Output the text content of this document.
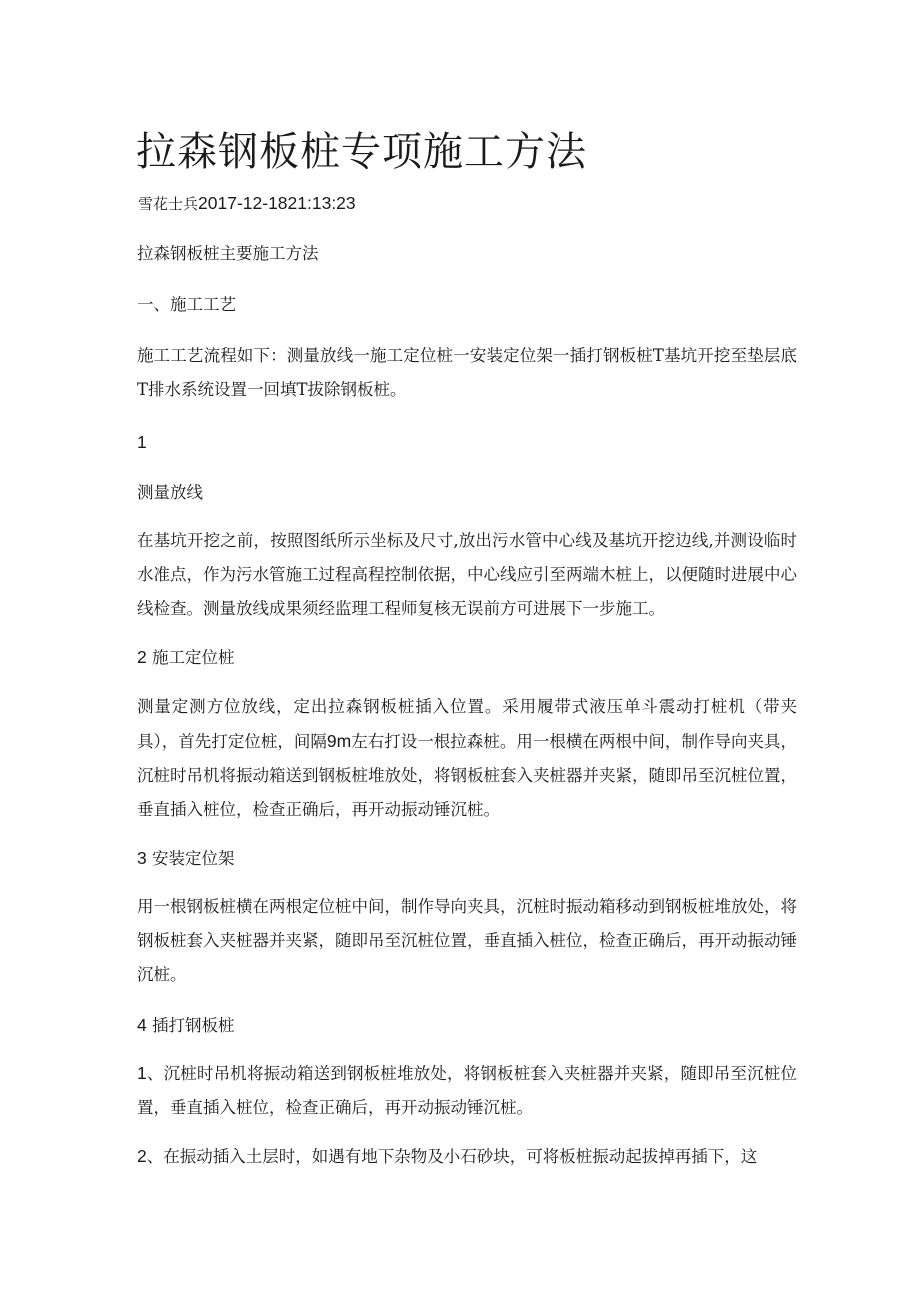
拉森钢板桩专项施工方法
雪花士兵2017-12-1821:13:23

拉森钢板桩主要施工方法

一、施工工艺

施工工艺流程如下：测量放线一施工定位桩一安装定位架一插打钢板桩T基坑开挖至垫层底T排水系统设置一回填T拔除钢板桩。

1

测量放线

在基坑开挖之前，按照图纸所示坐标及尺寸,放出污水管中心线及基坑开挖边线,并测设临时水准点，作为污水管施工过程高程控制依据，中心线应引至两端木桩上，以便随时进展中心线检查。测量放线成果须经监理工程师复核无误前方可进展下一步施工。

2 施工定位桩

测量定测方位放线，定出拉森钢板桩插入位置。采用履带式液压单斗震动打桩机（带夹具），首先打定位桩，间隔9m左右打设一根拉森桩。用一根横在两根中间，制作导向夹具，沉桩时吊机将振动箱送到钢板桩堆放处，将钢板桩套入夹桩器并夹紧，随即吊至沉桩位置，垂直插入桩位，检查正确后，再开动振动锤沉桩。

3 安装定位架

用一根钢板桩横在两根定位桩中间，制作导向夹具，沉桩时振动箱移动到钢板桩堆放处，将钢板桩套入夹桩器并夹紧，随即吊至沉桩位置，垂直插入桩位，检查正确后，再开动振动锤沉桩。

4 插打钢板桩

1、沉桩时吊机将振动箱送到钢板桩堆放处，将钢板桩套入夹桩器并夹紧，随即吊至沉桩位置，垂直插入桩位，检查正确后，再开动振动锤沉桩。

2、在振动插入土层时，如遇有地下杂物及小石砂块，可将板桩振动起拔掉再插下，这
